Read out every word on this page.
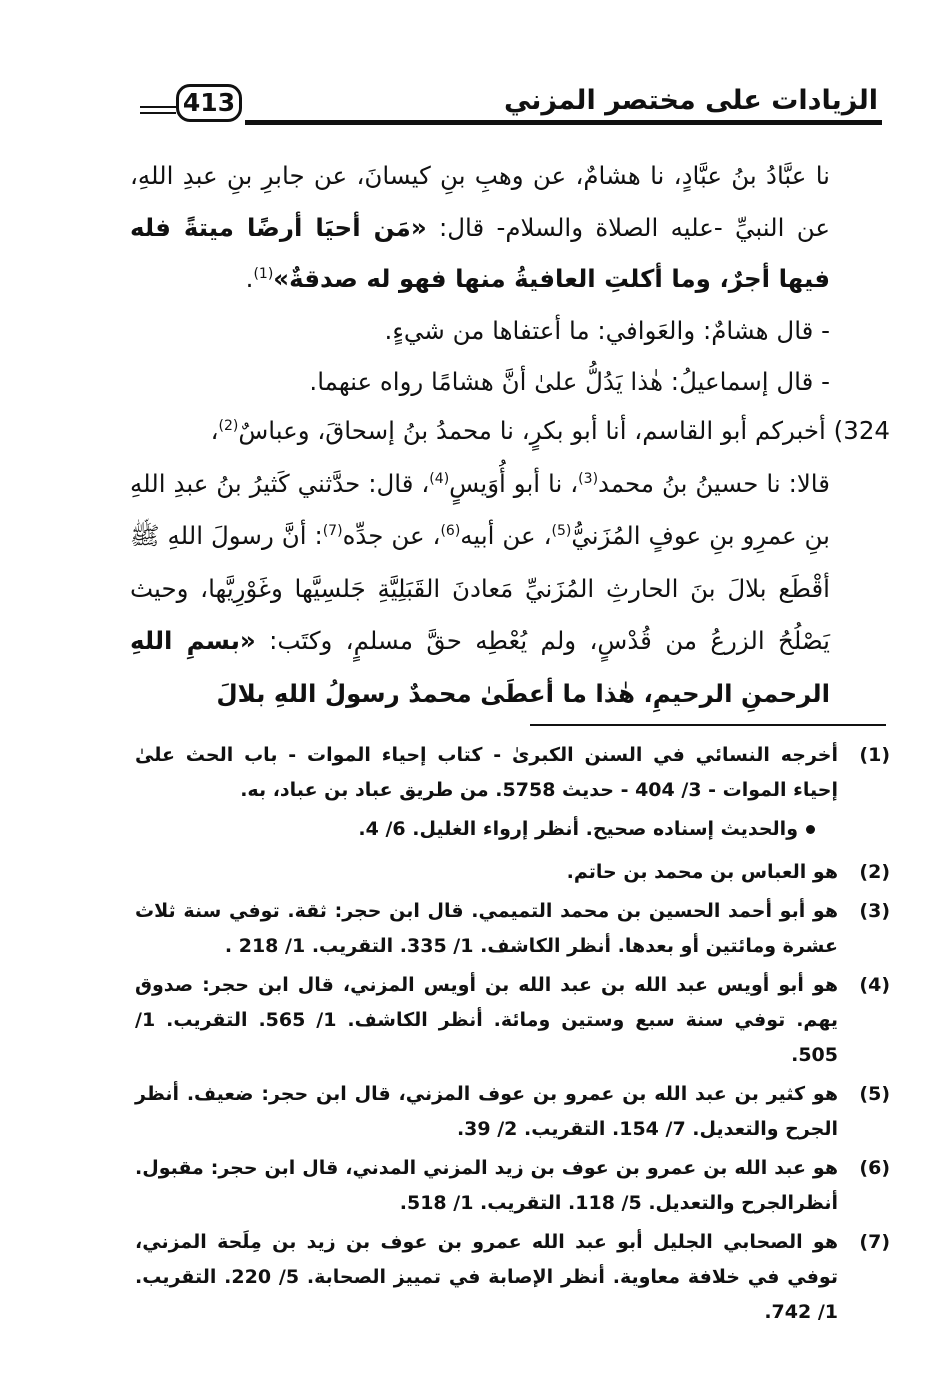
الزيادات على مختصر المزني
413

نا عبَّادُ بنُ عبَّادٍ، نا هشامٌ، عن وهبِ بنِ كيسانَ، عن جابرِ بنِ عبدِ اللهِ، عن النبيِّ -عليه الصلاة والسلام- قال: «مَن أحيَا أرضًا ميتةً فله فيها أجرٌ، وما أكلتِ العافيةُ منها فهو له صدقةٌ»$^{(1)}$.

- قال هشامٌ: والعَوافي: ما أعتفاها من شيءٍ.

- قال إسماعيلُ: هٰذا يَدُلُّ علىٰ أنَّ هشامًا رواه عنهما.

324) أخبركم أبو القاسم، أنا أبو بكرٍ، نا محمدُ بنُ إسحاقَ، وعباسٌ$^{(2)}$،
قالا: نا حسينُ بنُ محمد$^{(3)}$، نا أبو أُوَيسٍ$^{(4)}$، قال: حدَّثني كَثيرُ بنُ عبدِ اللهِ بنِ عمرِو بنِ عوفٍ المُزَنيُّ$^{(5)}$، عن أبيه$^{(6)}$، عن جدِّه$^{(7)}$: أنَّ رسولَ اللهِ ﷺ أقْطَع بلالَ بنَ الحارثِ المُزَنيِّ مَعادنَ القَبَلِيَّةِ جَلسِيَّها وغَوْرِيَّها، وحيث يَصْلُحُ الزرعُ من قُدْسٍ، ولم يُعْطِه حقَّ مسلمٍ، وكتَب: «بسمِ اللهِ الرحمنِ الرحيمِ، هٰذا ما أعطَىٰ محمدٌ رسولُ اللهِ بلالَ
(1)
أخرجه النسائي في السنن الكبرىٰ - كتاب إحياء الموات - باب الحث علىٰ إحياء الموات - 3/ 404 - حديث 5758. من طريق عباد بن عباد، به.
والحديث إسناده صحيح. أنظر إرواء الغليل. 6/ 4.
(2)
هو العباس بن محمد بن حاتم.
(3)
هو أبو أحمد الحسين بن محمد التميمي. قال ابن حجر: ثقة. توفي سنة ثلاث عشرة ومائتين أو بعدها. أنظر الكاشف. 1/ 335. التقريب. 1/ 218 .
(4)
هو أبو أويس عبد الله بن عبد الله بن أويس المزني، قال ابن حجر: صدوق يهم. توفي سنة سبع وستين ومائة. أنظر الكاشف. 1/ 565. التقريب. 1/ 505.
(5)
هو كثير بن عبد الله بن عمرو بن عوف المزني، قال ابن حجر: ضعيف. أنظر الجرح والتعديل. 7/ 154. التقريب. 2/ 39.
(6)
هو عبد الله بن عمرو بن عوف بن زيد المزني المدني، قال ابن حجر: مقبول. أنظرالجرح والتعديل. 5/ 118. التقريب. 1/ 518.
(7)
هو الصحابي الجليل أبو عبد الله عمرو بن عوف بن زيد بن مِلَحة المزني، توفي في خلافة معاوية. أنظر الإصابة في تمييز الصحابة. 5/ 220. التقريب. 1/ 742.
